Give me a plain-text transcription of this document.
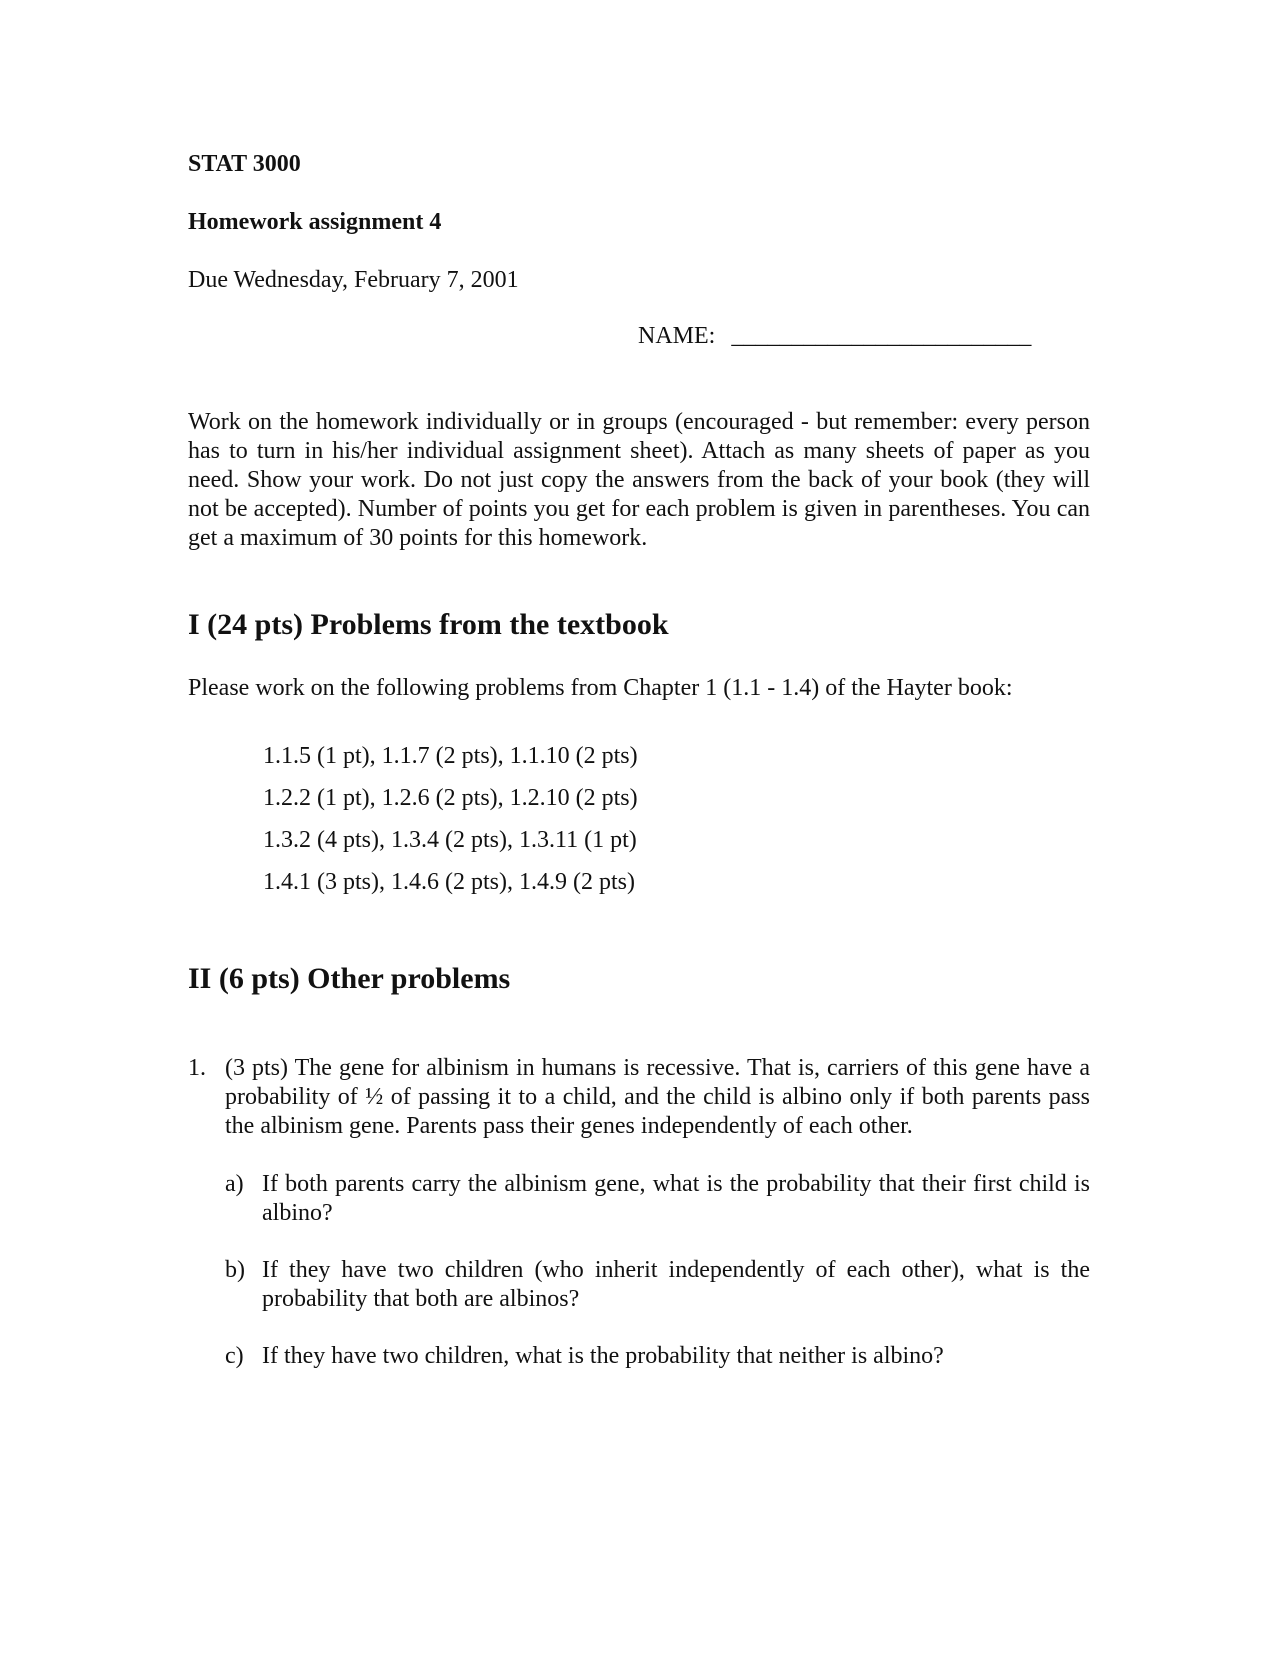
STAT 3000
Homework assignment 4
Due Wednesday, February 7, 2001
NAME: _________________________

Work on the homework individually or in groups (encouraged - but remember: every person has to turn in his/her individual assignment sheet). Attach as many sheets of paper as you need. Show your work. Do not just copy the answers from the back of your book (they will not be accepted). Number of points you get for each problem is given in parentheses. You can get a maximum of 30 points for this homework.

I (24 pts) Problems from the textbook
Please work on the following problems from Chapter 1 (1.1 - 1.4) of the Hayter book:
1.1.5 (1 pt), 1.1.7 (2 pts), 1.1.10 (2 pts)
1.2.2 (1 pt), 1.2.6 (2 pts), 1.2.10 (2 pts)
1.3.2 (4 pts), 1.3.4 (2 pts), 1.3.11 (1 pt)
1.4.1 (3 pts), 1.4.6 (2 pts), 1.4.9 (2 pts)
II (6 pts) Other problems
1. (3 pts) The gene for albinism in humans is recessive. That is, carriers of this gene have a probability of ½ of passing it to a child, and the child is albino only if both parents pass the albinism gene. Parents pass their genes independently of each other.
a) If both parents carry the albinism gene, what is the probability that their first child is albino?
b) If they have two children (who inherit independently of each other), what is the probability that both are albinos?
c) If they have two children, what is the probability that neither is albino?
